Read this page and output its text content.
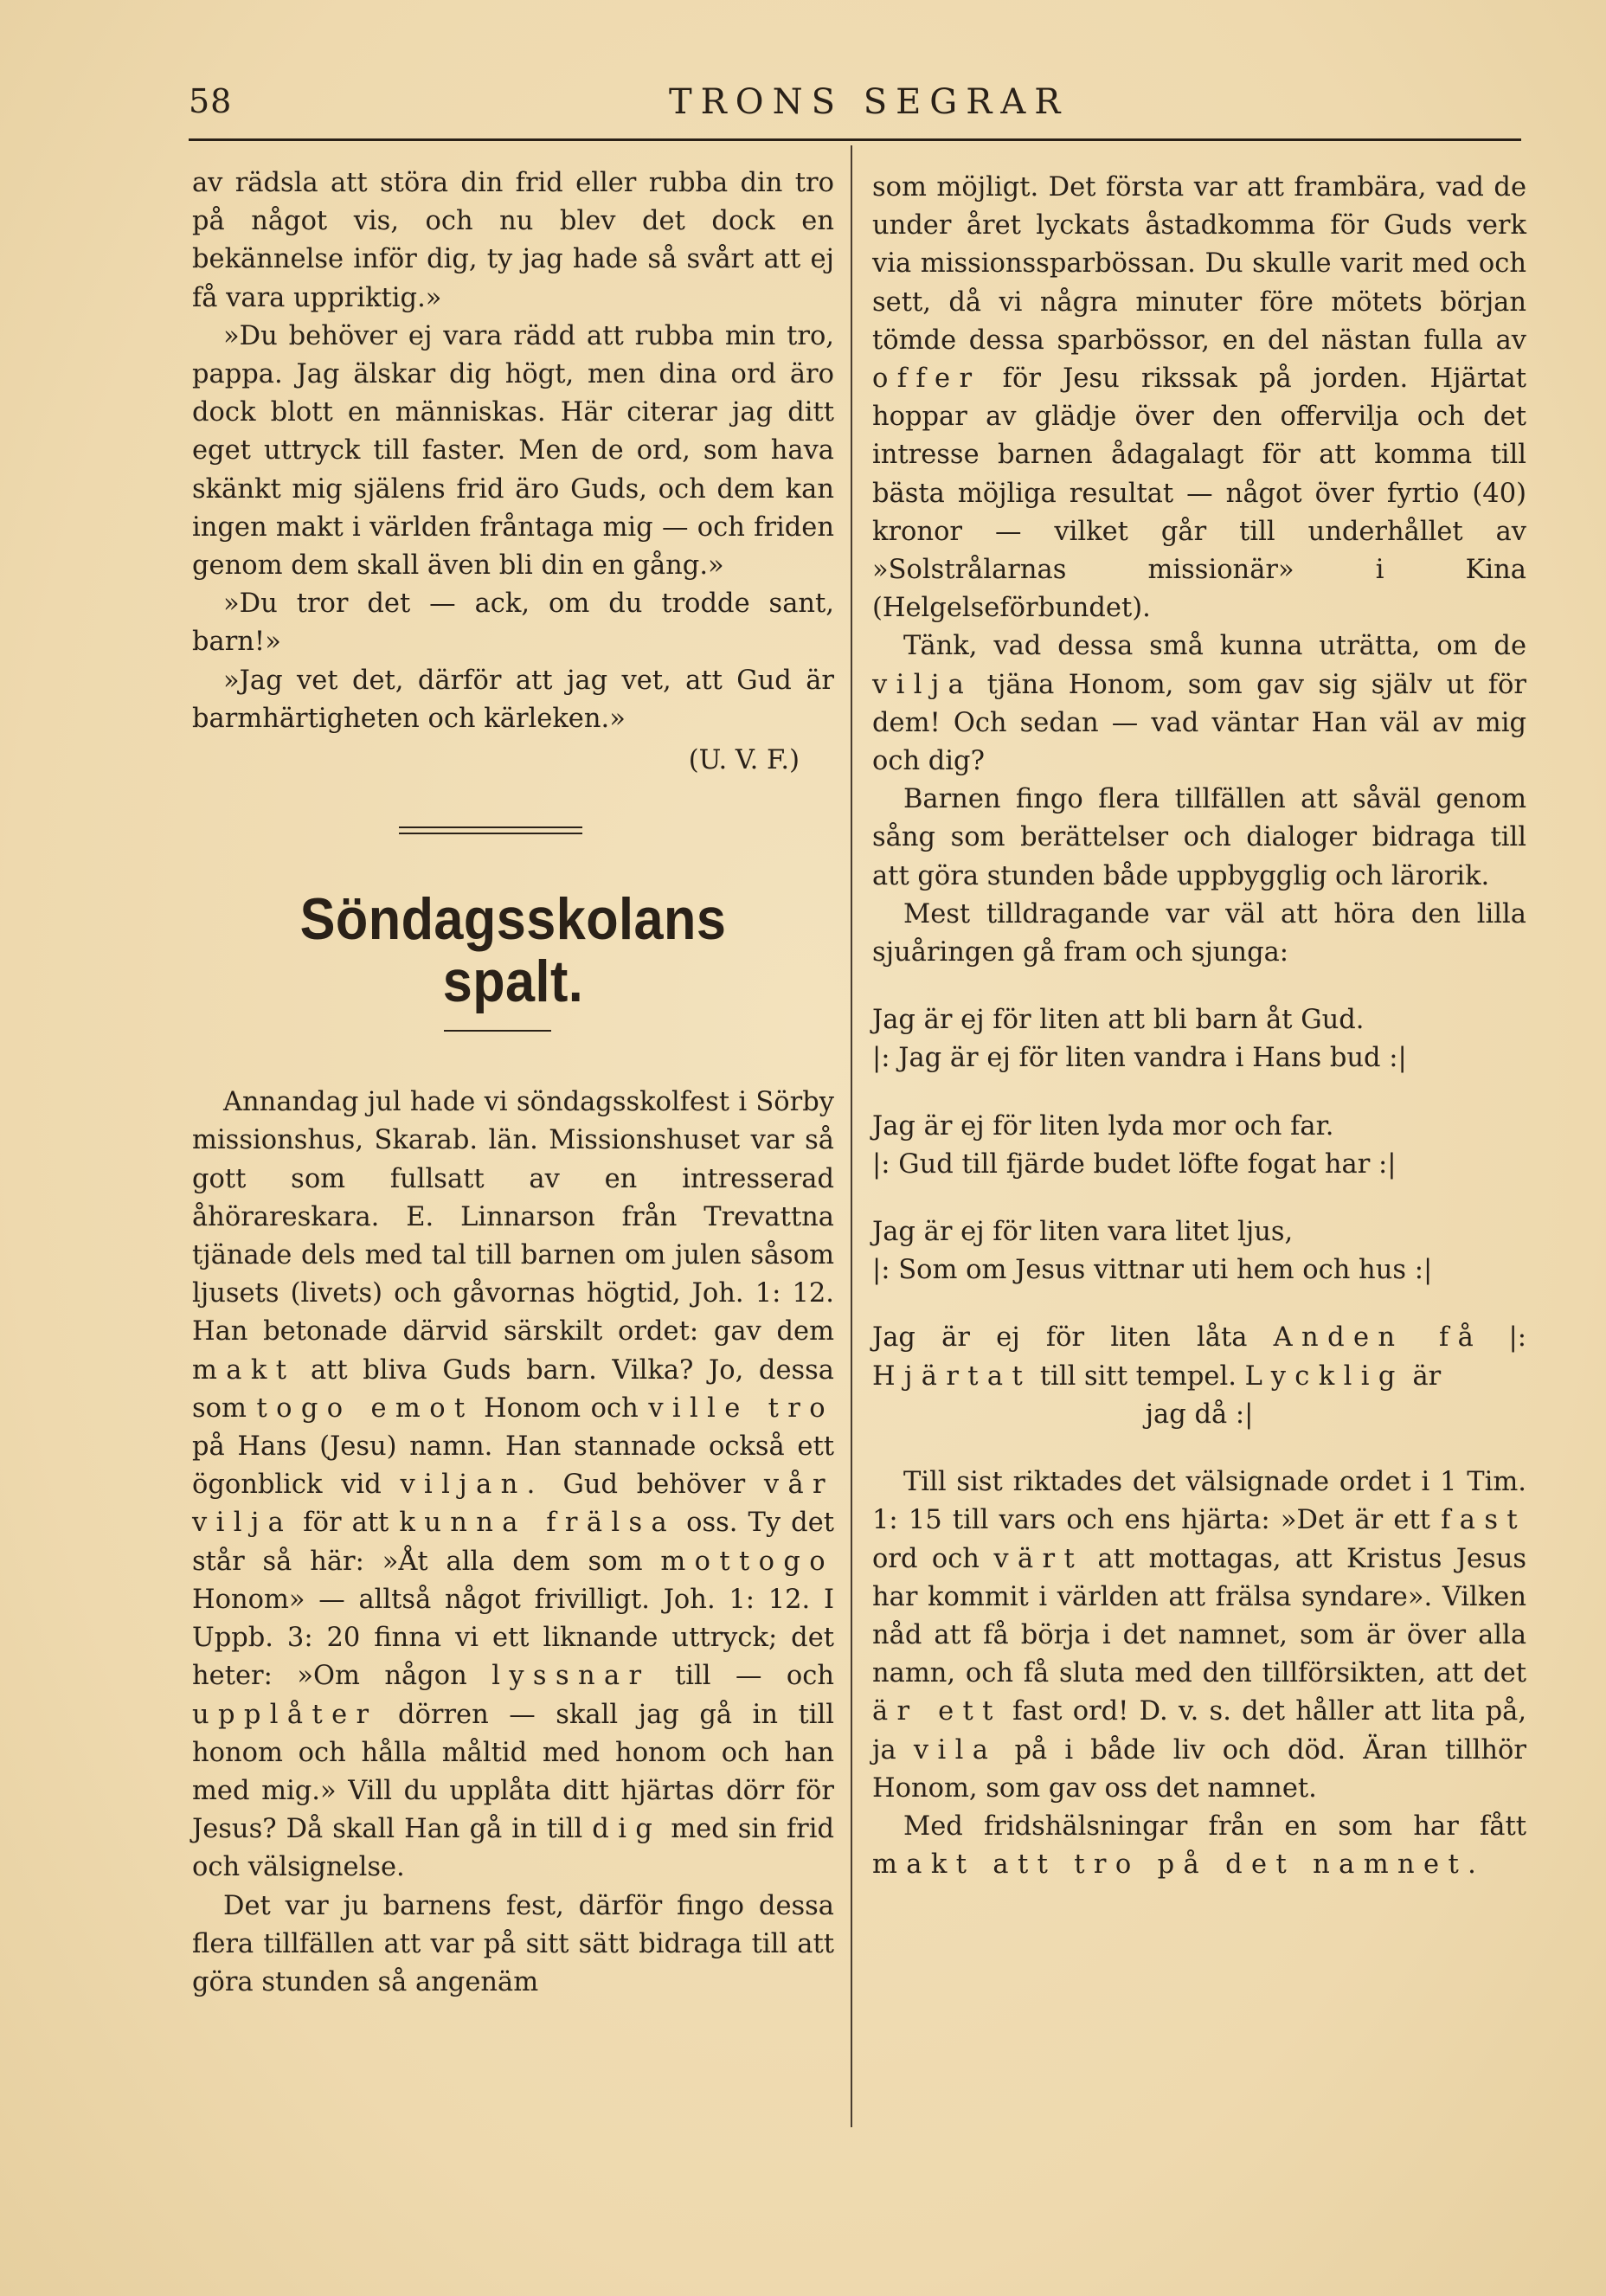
58	TRONS SEGRAR

av rädsla att störa din frid eller rubba din tro på något vis, och nu blev det dock en bekännelse inför dig, ty jag hade så svårt att ej få vara uppriktig.»

»Du behöver ej vara rädd att rubba min tro, pappa. Jag älskar dig högt, men dina ord äro dock blott en människas. Här citerar jag ditt eget uttryck till faster. Men de ord, som hava skänkt mig själens frid äro Guds, och dem kan ingen makt i världen fråntaga mig — och friden genom dem skall även bli din en gång.»

»Du tror det — ack, om du trodde sant, barn!»

»Jag vet det, därför att jag vet, att Gud är barmhärtigheten och kärleken.»

(U. V. F.)

Söndagsskolans spalt.

Annandag jul hade vi söndagsskolfest i Sörby missionshus, Skarab. län. Missionshuset var så gott som fullsatt av en intresserad åhörareskara. E. Linnarson från Trevattna tjänade dels med tal till barnen om julen såsom ljusets (livets) och gåvornas högtid, Joh. 1: 12. Han betonade därvid särskilt ordet: gav dem makt att bliva Guds barn. Vilka? Jo, dessa som togo emot Honom och ville tro på Hans (Jesu) namn. Han stannade också ett ögonblick vid viljan. Gud behöver vår vilja för att kunna frälsa oss. Ty det står så här: »Åt alla dem som mottogo Honom» — alltså något frivilligt. Joh. 1: 12. I Uppb. 3: 20 finna vi ett liknande uttryck; det heter: »Om någon lyssnar till — och upplåter dörren — skall jag gå in till honom och hålla måltid med honom och han med mig.» Vill du upplåta ditt hjärtas dörr för Jesus? Då skall Han gå in till dig med sin frid och välsignelse.

Det var ju barnens fest, därför fingo dessa flera tillfällen att var på sitt sätt bidraga till att göra stunden så angenäm

som möjligt. Det första var att frambära, vad de under året lyckats åstadkomma för Guds verk via missionssparbössan. Du skulle varit med och sett, då vi några minuter före mötets början tömde dessa sparbössor, en del nästan fulla av offer för Jesu rikssak på jorden. Hjärtat hoppar av glädje över den offervilja och det intresse barnen ådagalagt för att komma till bästa möjliga resultat — något över fyrtio (40) kronor — vilket går till underhållet av »Solstrålarnas missionär» i Kina (Helgelseförbundet).

Tänk, vad dessa små kunna uträtta, om de vilja tjäna Honom, som gav sig själv ut för dem! Och sedan — vad väntar Han väl av mig och dig?

Barnen fingo flera tillfällen att såväl genom sång som berättelser och dialoger bidraga till att göra stunden både uppbygglig och lärorik.

Mest tilldragande var väl att höra den lilla sjuåringen gå fram och sjunga:

Jag är ej för liten att bli barn åt Gud.

|: Jag är ej för liten vandra i Hans bud :|

Jag är ej för liten lyda mor och far.

|: Gud till fjärde budet löfte fogat har :|

Jag är ej för liten vara litet ljus,

|: Som om Jesus vittnar uti hem och hus :|

Jag är ej för liten låta Anden få |: Hjärtat till sitt tempel. Lycklig är

jag då :|

Till sist riktades det välsignade ordet i 1 Tim. 1: 15 till vars och ens hjärta: »Det är ett fast ord och värt att mottagas, att Kristus Jesus har kommit i världen att frälsa syndare». Vilken nåd att få börja i det namnet, som är över alla namn, och få sluta med den tillförsikten, att det är ett fast ord! D. v. s. det håller att lita på, ja vila på i både liv och död. Äran tillhör Honom, som gav oss det namnet.

Med fridshälsningar från en som har fått makt att tro på det namnet.
